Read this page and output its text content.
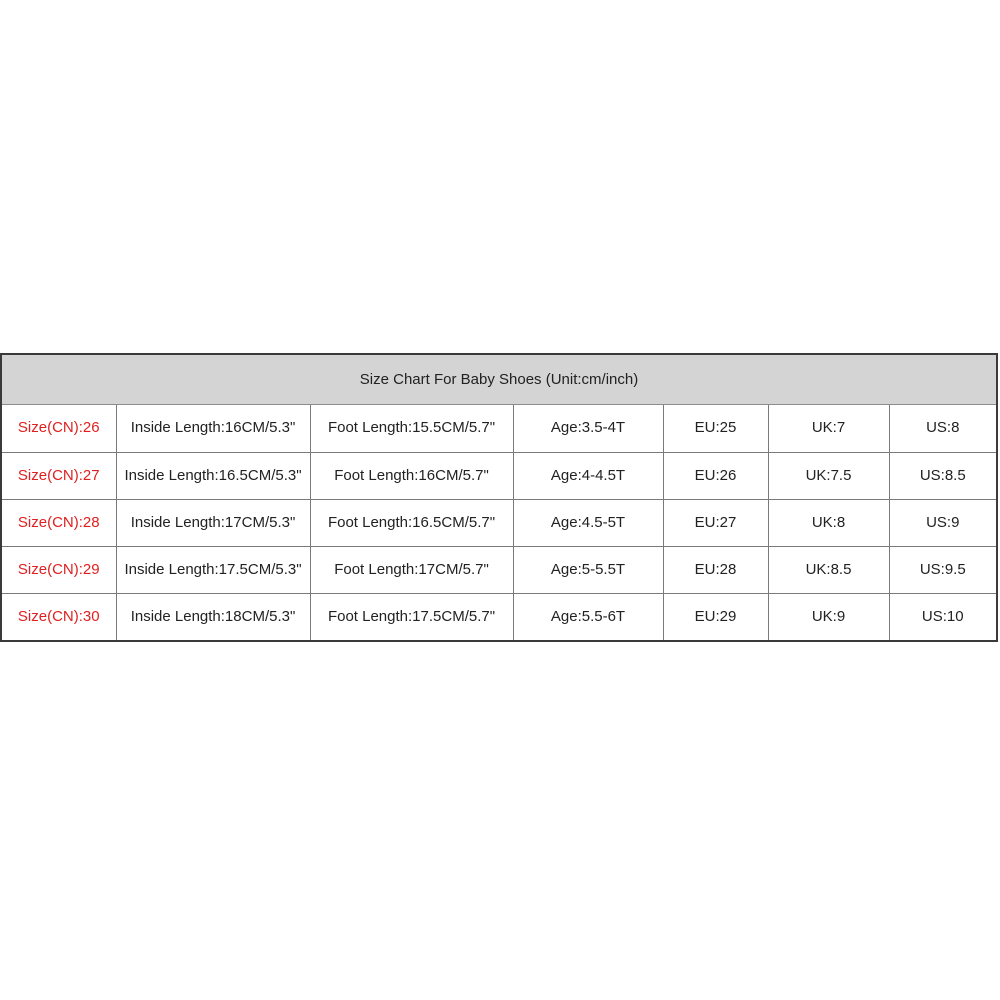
Size Chart For Baby Shoes (Unit:cm/inch)
Size(CN):26	Inside Length:16CM/5.3"	Foot Length:15.5CM/5.7"	Age:3.5-4T	EU:25	UK:7	US:8
Size(CN):27	Inside Length:16.5CM/5.3"	Foot Length:16CM/5.7"	Age:4-4.5T	EU:26	UK:7.5	US:8.5
Size(CN):28	Inside Length:17CM/5.3"	Foot Length:16.5CM/5.7"	Age:4.5-5T	EU:27	UK:8	US:9
Size(CN):29	Inside Length:17.5CM/5.3"	Foot Length:17CM/5.7"	Age:5-5.5T	EU:28	UK:8.5	US:9.5
Size(CN):30	Inside Length:18CM/5.3"	Foot Length:17.5CM/5.7"	Age:5.5-6T	EU:29	UK:9	US:10
